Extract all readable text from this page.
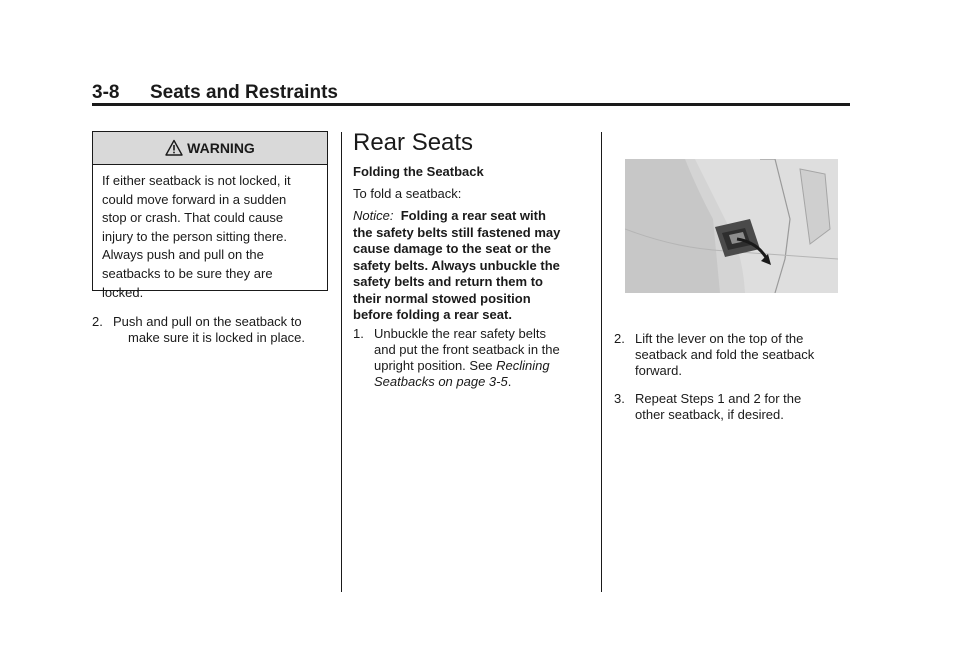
3-8 Seats and Restraints
WARNING
If either seatback is not locked, it
could move forward in a sudden
stop or crash. That could cause
injury to the person sitting there.
Always push and pull on the
seatbacks to be sure they are
locked.
2. Push and pull on the seatback to
make sure it is locked in place.
Rear Seats
Folding the Seatback
To fold a seatback:
Notice: Folding a rear seat with
the safety belts still fastened may
cause damage to the seat or the
safety belts. Always unbuckle the
safety belts and return them to
their normal stowed position
before folding a rear seat.
1. Unbuckle the rear safety belts
and put the front seatback in the
upright position. See Reclining
Seatbacks on page 3-5.
2. Lift the lever on the top of the
seatback and fold the seatback
forward.
3. Repeat Steps 1 and 2 for the
other seatback, if desired.
